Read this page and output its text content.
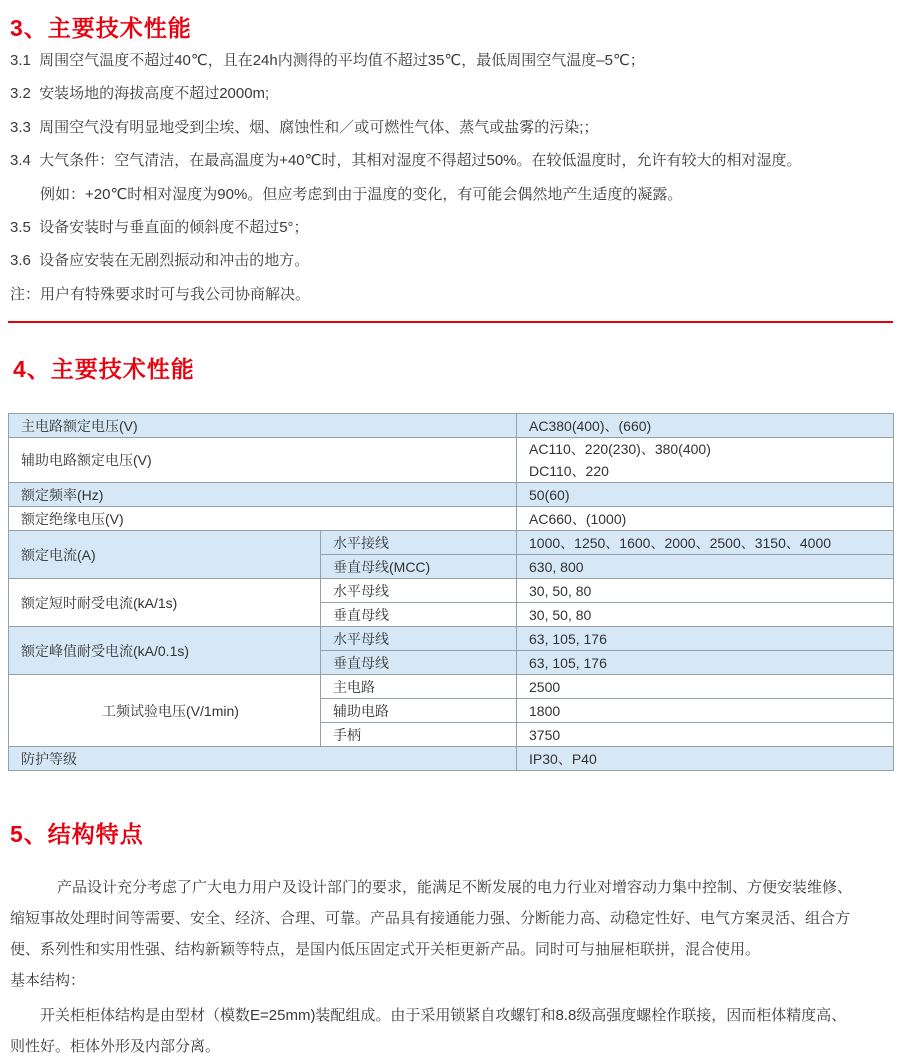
3、主要技术性能
3.1  周围空气温度不超过40℃，且在24h内测得的平均值不超过35℃，最低周围空气温度–5℃；
3.2  安装场地的海拔高度不超过2000m;
3.3  周围空气没有明显地受到尘埃、烟、腐蚀性和／或可燃性气体、蒸气或盐雾的污染;；
3.4  大气条件：空气清洁，在最高温度为+40℃时，其相对湿度不得超过50%。在较低温度时，允许有较大的相对湿度。
例如：+20℃时相对湿度为90%。但应考虑到由于温度的变化，有可能会偶然地产生适度的凝露。
3.5  设备安装时与垂直面的倾斜度不超过5°；
3.6  设备应安装在无剧烈振动和冲击的地方。
注：用户有特殊要求时可与我公司协商解决。
4、主要技术性能
主电路额定电压(V)		AC380(400)、(660)
辅助电路额定电压(V)		AC110、220(230)、380(400)
DC110、220
额定频率(Hz)		50(60)
额定绝缘电压(V)		AC660、(1000)
额定电流(A)	水平接线	1000、1250、1600、2000、2500、3150、4000
	垂直母线(MCC)	630, 800
额定短时耐受电流(kA/1s)	水平母线	30, 50, 80
	垂直母线	30, 50, 80
额定峰值耐受电流(kA/0.1s)	水平母线	63, 105, 176
	垂直母线	63, 105, 176
工频试验电压(V/1min)	主电路	2500
	辅助电路	1800
	手柄	3750
防护等级		IP30、P40
5、结构特点
产品设计充分考虑了广大电力用户及设计部门的要求，能满足不断发展的电力行业对增容动力集中控制、方便安装维修、
缩短事故处理时间等需要、安全、经济、合理、可靠。产品具有接通能力强、分断能力高、动稳定性好、电气方案灵活、组合方
便、系列性和实用性强、结构新颖等特点，是国内低压固定式开关柜更新产品。同时可与抽屉柜联拼，混合使用。
基本结构：
开关柜柜体结构是由型材（模数E=25mm)装配组成。由于采用锁紧自攻螺钉和8.8级高强度螺栓作联接，因而柜体精度高、
则性好。柜体外形及内部分离。
